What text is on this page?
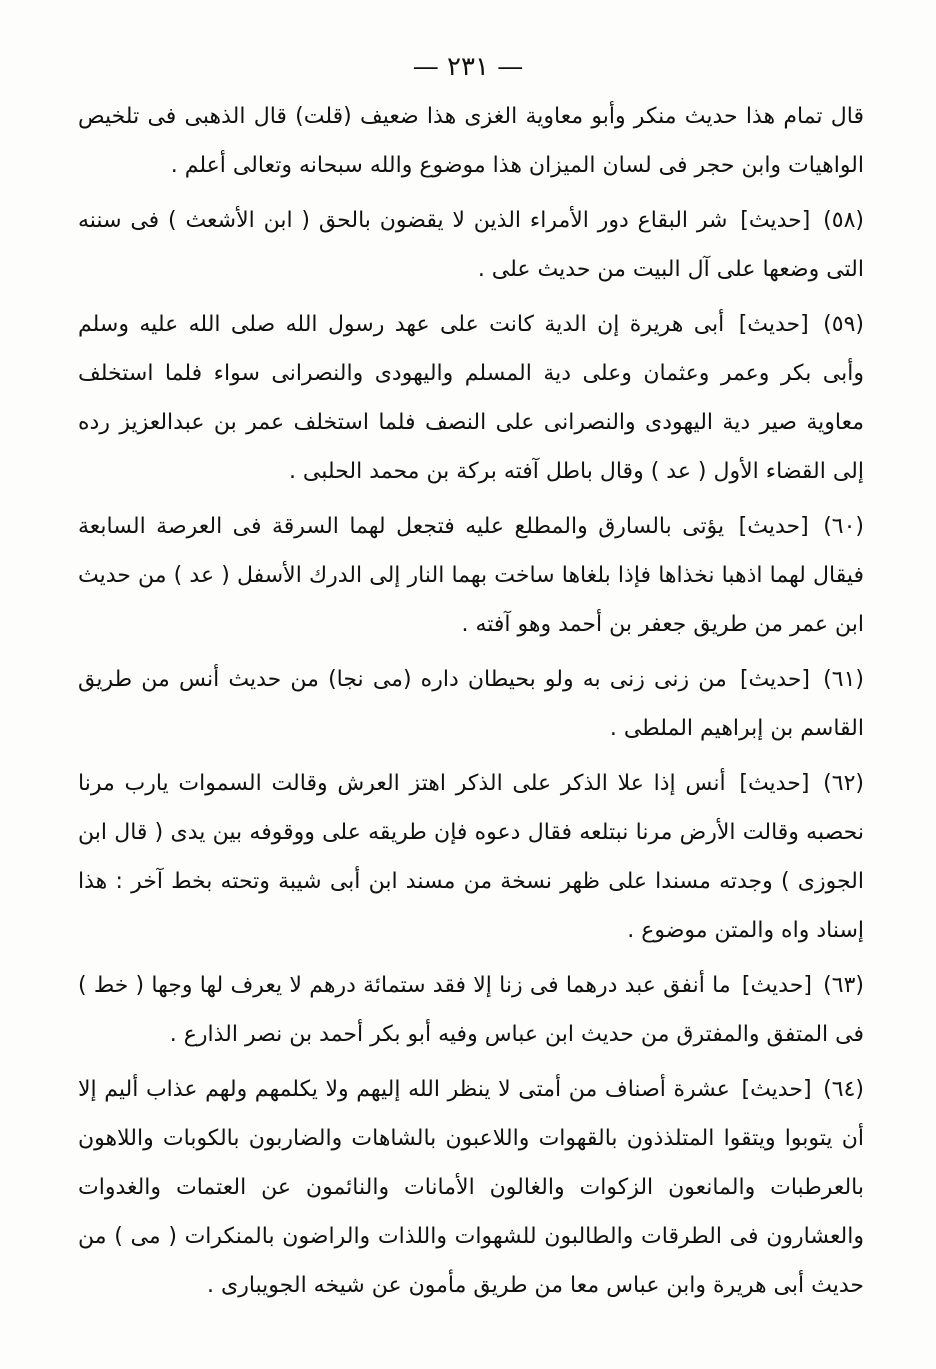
— ٢٣١ —

قال تمام هذا حديث منكر وأبو معاوية الغزى هذا ضعيف (قلت) قال الذهبى فى تلخيص الواهيات وابن حجر فى لسان الميزان هذا موضوع والله سبحانه وتعالى أعلم .

(٥٨) [حديث] شر البقاع دور الأمراء الذين لا يقضون بالحق ( ابن الأشعث ) فى سننه التى وضعها على آل البيت من حديث على .

(٥٩) [حديث] أبى هريرة إن الدية كانت على عهد رسول الله صلى الله عليه وسلم وأبى بكر وعمر وعثمان وعلى دية المسلم واليهودى والنصرانى سواء فلما استخلف معاوية صير دية اليهودى والنصرانى على النصف فلما استخلف عمر بن عبدالعزيز رده إلى القضاء الأول ( عد ) وقال باطل آفته بركة بن محمد الحلبى .

(٦٠) [حديث] يؤتى بالسارق والمطلع عليه فتجعل لهما السرقة فى العرصة السابعة فيقال لهما اذهبا نخذاها فإذا بلغاها ساخت بهما النار إلى الدرك الأسفل ( عد ) من حديث ابن عمر من طريق جعفر بن أحمد وهو آفته .

(٦١) [حديث] من زنى زنى به ولو بحيطان داره (مى نجا) من حديث أنس من طريق القاسم بن إبراهيم الملطى .

(٦٢) [حديث] أنس إذا علا الذكر على الذكر اهتز العرش وقالت السموات يارب مرنا نحصبه وقالت الأرض مرنا نبتلعه فقال دعوه فإن طريقه على ووقوفه بين يدى ( قال ابن الجوزى ) وجدته مسندا على ظهر نسخة من مسند ابن أبى شيبة وتحته بخط آخر : هذا إسناد واه والمتن موضوع .

(٦٣) [حديث] ما أنفق عبد درهما فى زنا إلا فقد ستمائة درهم لا يعرف لها وجها ( خط ) فى المتفق والمفترق من حديث ابن عباس وفيه أبو بكر أحمد بن نصر الذارع .

(٦٤) [حديث] عشرة أصناف من أمتى لا ينظر الله إليهم ولا يكلمهم ولهم عذاب أليم إلا أن يتوبوا ويتقوا المتلذذون بالقهوات واللاعبون بالشاهات والضاربون بالكوبات واللاهون بالعرطبات والمانعون الزكوات والغالون الأمانات والنائمون عن العتمات والغدوات والعشارون فى الطرقات والطالبون للشهوات واللذات والراضون بالمنكرات ( مى ) من حديث أبى هريرة وابن عباس معا من طريق مأمون عن شيخه الجويبارى .
